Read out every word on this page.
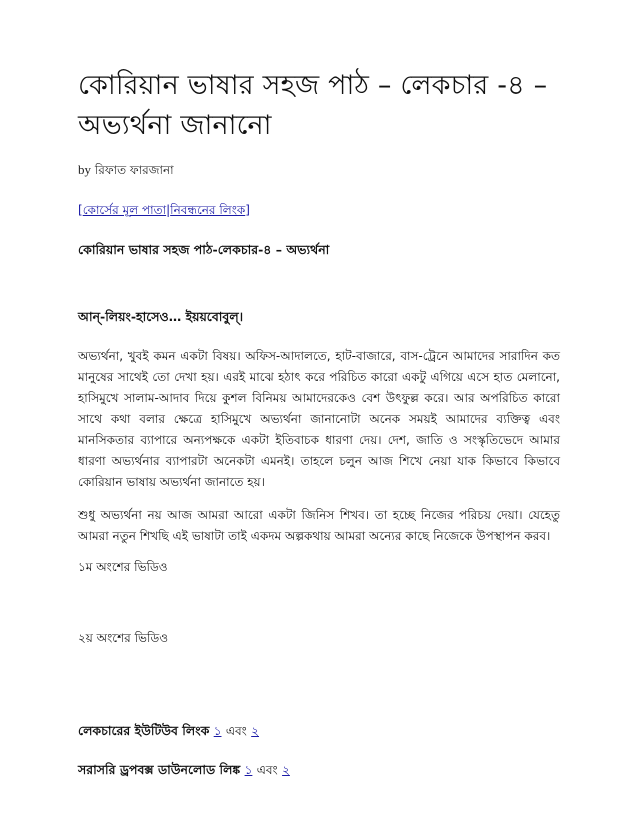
কোরিয়ান ভাষার সহজ পাঠ – লেকচার -৪ – অভ্যর্থনা জানানো

by রিফাত ফারজানা

[কোর্সের মূল পাতা|নিবন্ধনের লিংক]

কোরিয়ান ভাষার সহজ পাঠ-লেকচার-৪ – অভ্যর্থনা

আন্-লিয়ং-হাসেও… ইয়য়বোবুল্।

অভ্যর্থনা, খুবই কমন একটা বিষয়। অফিস-আদালতে, হাট-বাজারে, বাস-ট্রেনে আমাদের সারাদিন কত মানুষের সাথেই তো দেখা হয়। এরই মাঝে হঠাৎ করে পরিচিত কারো একটু এগিয়ে এসে হাত মেলানো, হাসিমুখে সালাম-আদাব দিয়ে কুশল বিনিময় আমাদেরকেও বেশ উৎফুল্ল করে। আর অপরিচিত কারো সাথে কথা বলার ক্ষেত্রে হাসিমুখে অভ্যর্থনা জানানোটা অনেক সময়ই আমাদের ব্যক্তিত্ব এবং মানসিকতার ব্যাপারে অন্যপক্ষকে একটা ইতিবাচক ধারণা দেয়। দেশ, জাতি ও সংস্কৃতিভেদে আমার ধারণা অভ্যর্থনার ব্যাপারটা অনেকটা এমনই। তাহলে চলুন আজ শিখে নেয়া যাক কিভাবে কিভাবে কোরিয়ান ভাষায় অভ্যর্থনা জানাতে হয়।

শুধু অভ্যর্থনা নয় আজ আমরা আরো একটা জিনিস শিখব। তা হচ্ছে নিজের পরিচয় দেয়া। যেহেতু আমরা নতুন শিখছি এই ভাষাটা তাই একদম অল্পকথায় আমরা অন্যের কাছে নিজেকে উপস্থাপন করব।

১ম অংশের ভিডিও

২য় অংশের ভিডিও

লেকচারের ইউটিউব লিংক ১ এবং ২

সরাসরি ড্রপবক্স ডাউনলোড লিঙ্ক ১ এবং ২
